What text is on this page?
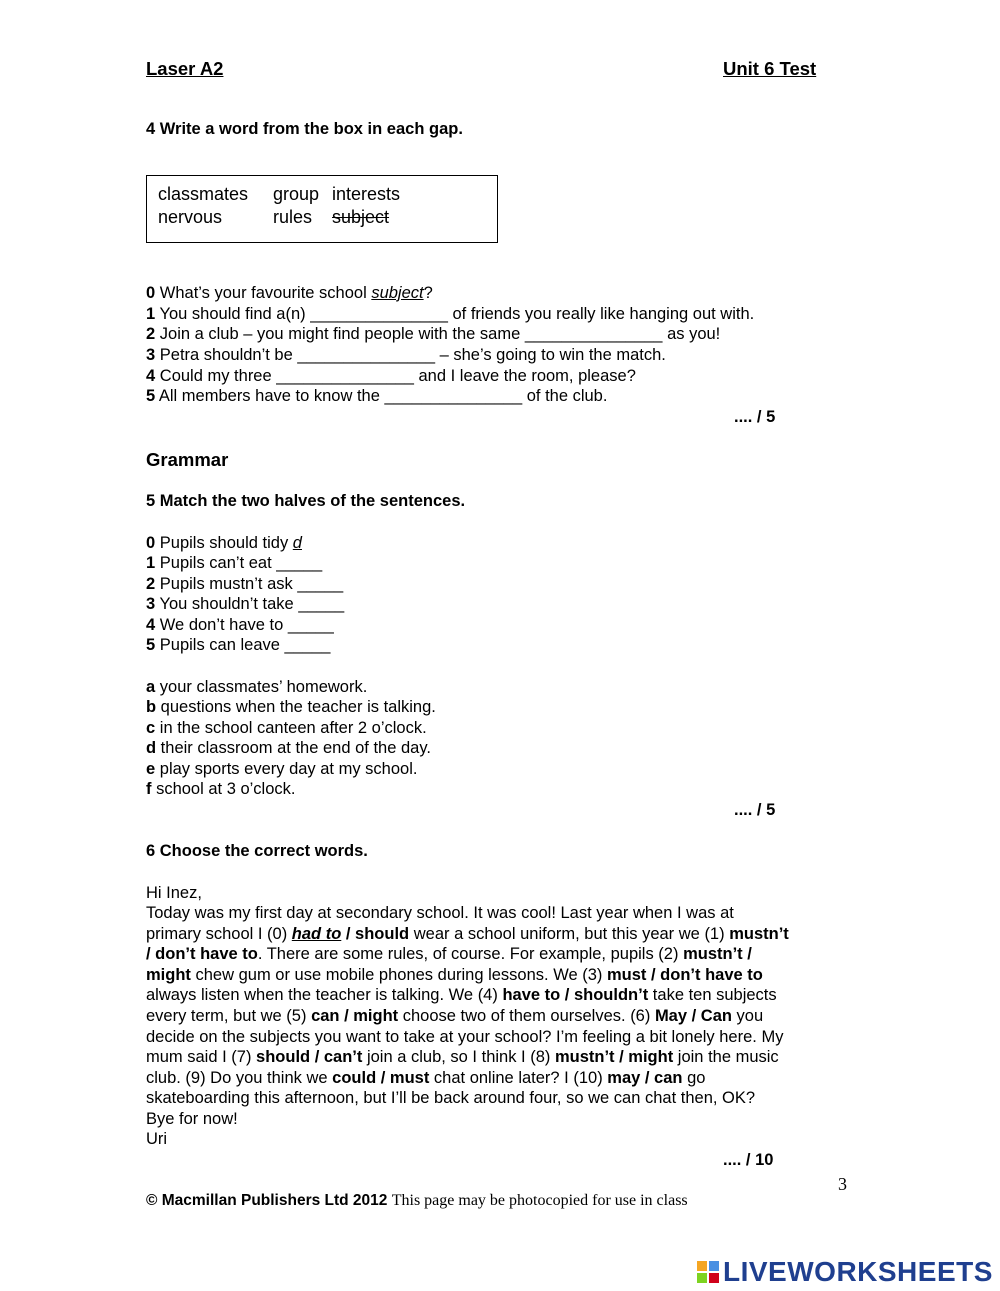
Laser A2	Unit 6 Test
4 Write a word from the box in each gap.
classmates group interests
nervous	rules subject
0 What’s your favourite school subject?
1 You should find a(n) _______________ of friends you really like hanging out with.
2 Join a club – you might find people with the same _______________ as you!
3 Petra shouldn’t be _______________ – she’s going to win the match.
4 Could my three _______________ and I leave the room, please?
5 All members have to know the _______________ of the club.
.... / 5
Grammar
5 Match the two halves of the sentences.
0 Pupils should tidy d
1 Pupils can’t eat _____
2 Pupils mustn’t ask _____
3 You shouldn’t take _____
4 We don’t have to _____
5 Pupils can leave _____
a your classmates’ homework.
b questions when the teacher is talking.
c in the school canteen after 2 o’clock.
d their classroom at the end of the day.
e play sports every day at my school.
f school at 3 o’clock.
.... / 5
6 Choose the correct words.
Hi Inez,
Today was my first day at secondary school. It was cool! Last year when I was at
primary school I (0) had to / should wear a school uniform, but this year we (1) mustn’t
/ don’t have to. There are some rules, of course. For example, pupils (2) mustn’t /
might chew gum or use mobile phones during lessons. We (3) must / don’t have to
always listen when the teacher is talking. We (4) have to / shouldn’t take ten subjects
every term, but we (5) can / might choose two of them ourselves. (6) May / Can you
decide on the subjects you want to take at your school? I’m feeling a bit lonely here. My
mum said I (7) should / can’t join a club, so I think I (8) mustn’t / might join the music
club. (9) Do you think we could / must chat online later? I (10) may / can go
skateboarding this afternoon, but I’ll be back around four, so we can chat then, OK?
Bye for now!
Uri
.... / 10
3
© Macmillan Publishers Ltd 2012 This page may be photocopied for use in class
LIVEWORKSHEETS
